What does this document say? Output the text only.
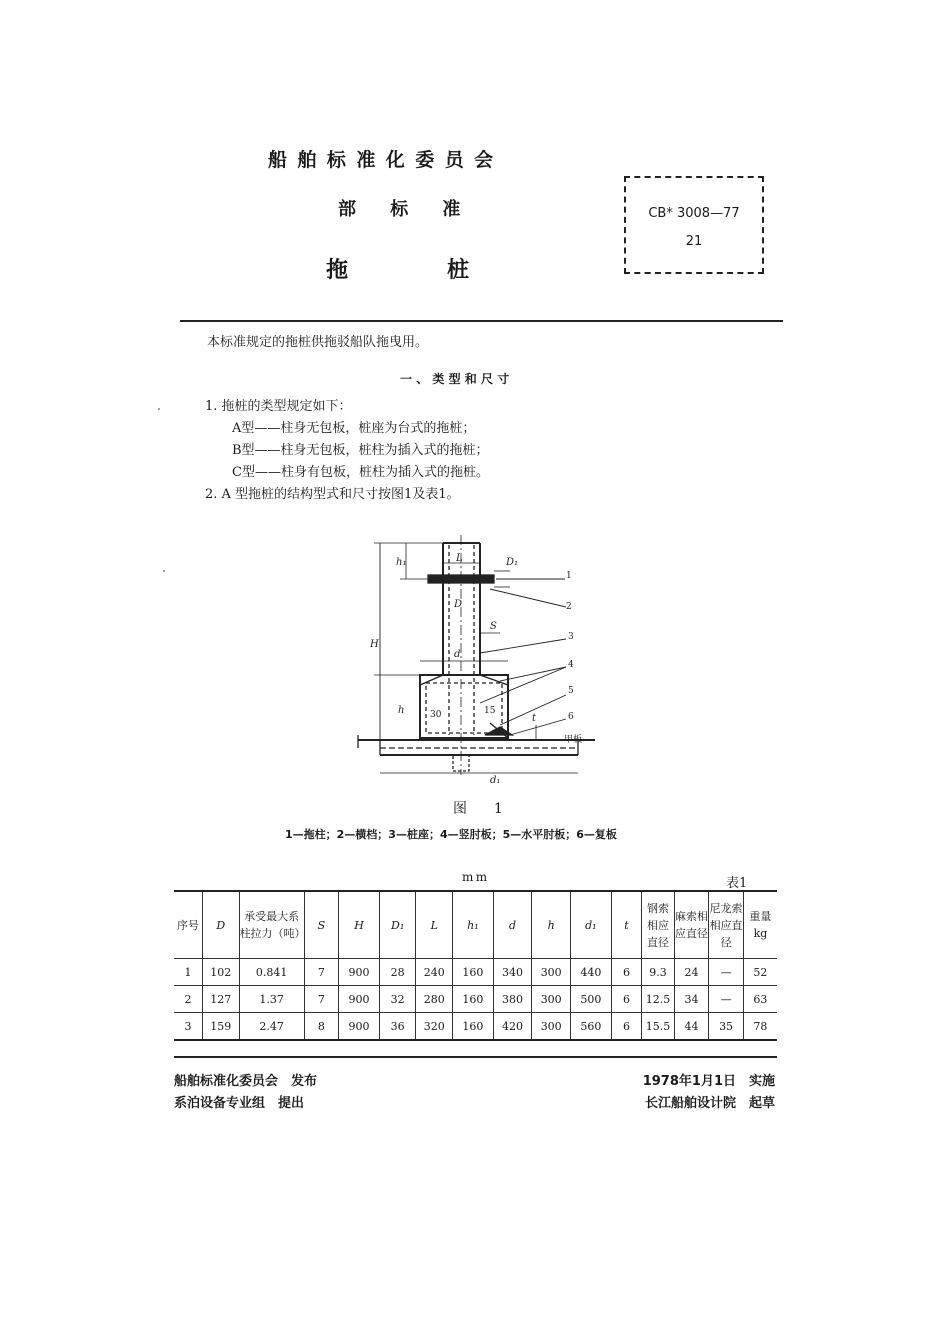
船舶标准化委员会
部标准
拖桩
CB* 3008—77
21
本标准规定的拖桩供拖驳船队拖曳用。
一、类型和尺寸
1. 拖桩的类型规定如下：
A型——柱身无包板，桩座为台式的拖桩；
B型——柱身无包板，桩柱为插入式的拖桩；
C型——柱身有包板，桩柱为插入式的拖桩。
2. A 型拖桩的结构型式和尺寸按图1及表1。
h₁	L	D₁
D
S
H
d
h
t
d₁
30	15
甲板
1
2
3
4
5
6
图 1
1—拖柱；2—横档；3—桩座；4—竖肘板；5—水平肘板；6—复板
mm	表1
序号	D	承受最大系柱拉力（吨）	S	H	D₁	L	h₁	d	h	d₁	t	钢索相应直径	麻索相应直径	尼龙索相应直径	重量kg
1	102	0.841	7	900	28	240	160	340	300	440	6	9.3	24	—	52
2	127	1.37	7	900	32	280	160	380	300	500	6	12.5	34	—	63
3	159	2.47	8	900	36	320	160	420	300	560	6	15.5	44	35	78
船舶标准化委员会　发布
系泊设备专业组　提出
1978年1月1日　实施
长江船舶设计院　起草
